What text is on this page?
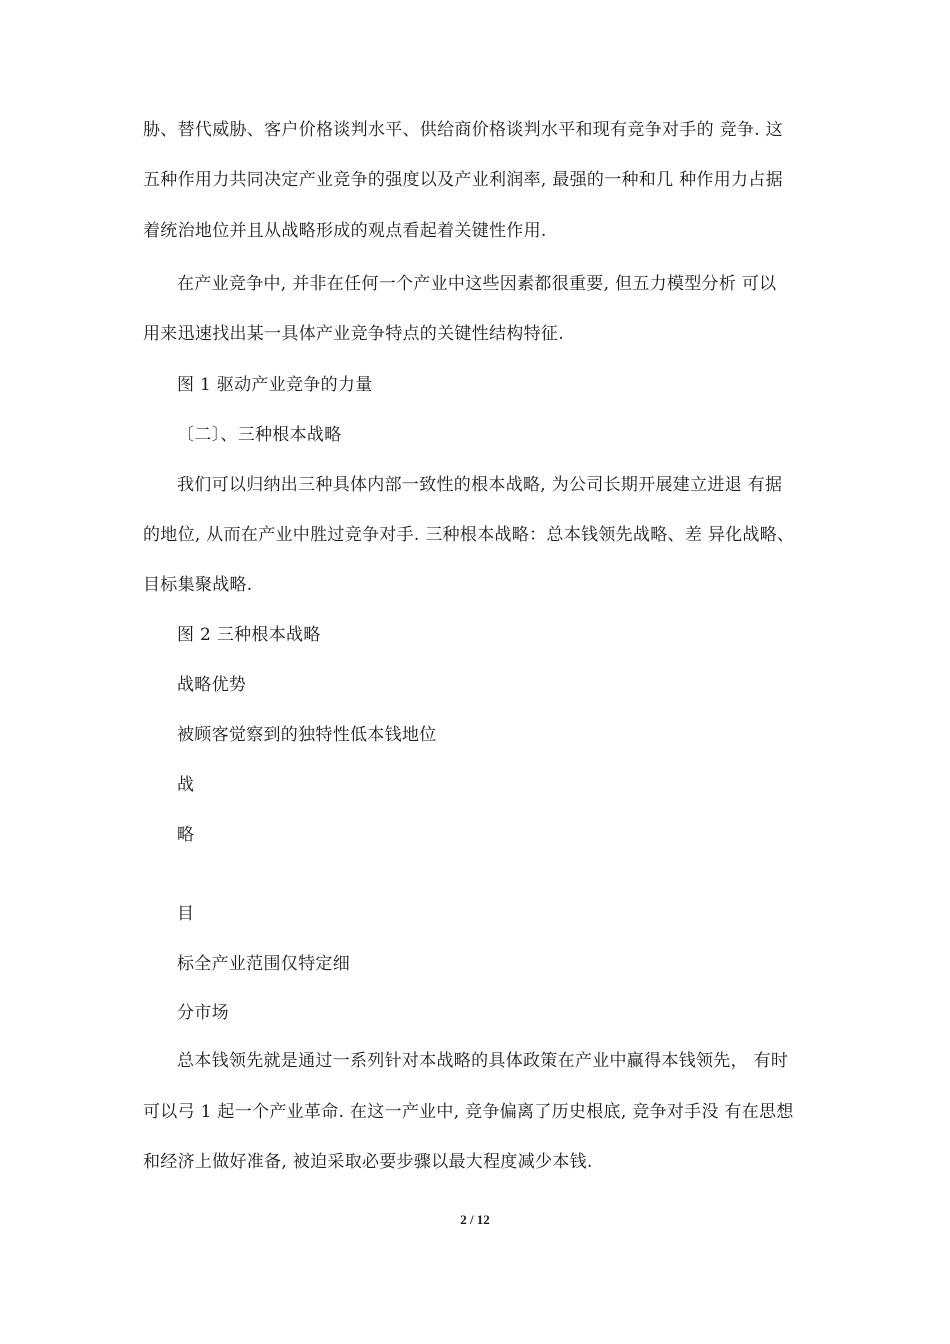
胁、替代威胁、客户价格谈判水平、供给商价格谈判水平和现有竞争对手的 竞争. 这
五种作用力共同决定产业竞争的强度以及产业利润率, 最强的一种和几 种作用力占据
着统治地位并且从战略形成的观点看起着关键性作用.
在产业竞争中, 并非在任何一个产业中这些因素都很重要, 但五力模型分析 可以
用来迅速找出某一具体产业竞争特点的关键性结构特征.
图 1 驱动产业竞争的力量
〔二〕、三种根本战略
我们可以归纳出三种具体内部一致性的根本战略, 为公司长期开展建立进退 有据
的地位, 从而在产业中胜过竞争对手. 三种根本战略：总本钱领先战略、差 异化战略、
目标集聚战略.
图 2 三种根本战略
战略优势
被顾客觉察到的独特性低本钱地位
战
略
目
标全产业范围仅特定细
分市场
总本钱领先就是通过一系列针对本战略的具体政策在产业中赢得本钱领先， 有时
可以弓 1 起一个产业革命. 在这一产业中, 竞争偏离了历史根底, 竞争对手没 有在思想
和经济上做好准备, 被迫采取必要步骤以最大程度减少本钱.
2 / 12
